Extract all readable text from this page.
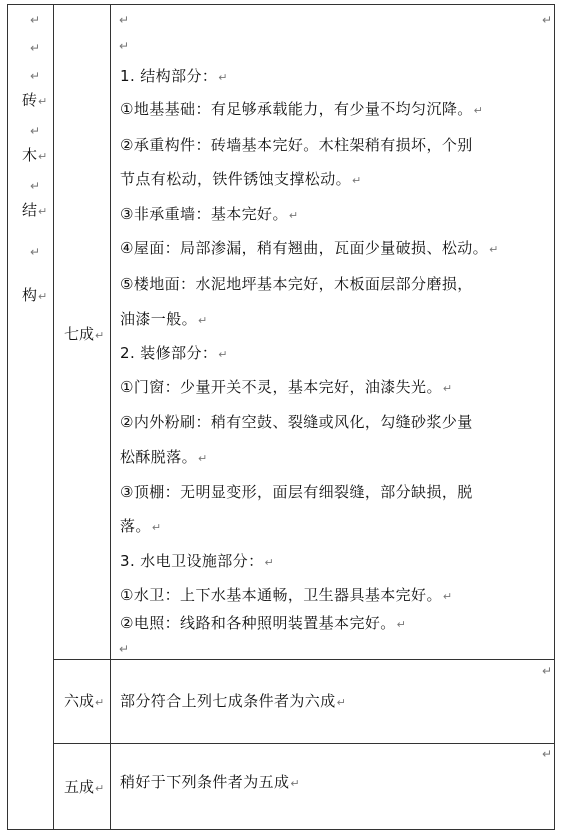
↵
↵
↵
↵
↵
↵
↵
↵
↵
↵
↵
↵
砖 ↵
木 ↵
结 ↵
构 ↵
七成 ↵
1. 结构部分： ↵
①地基基础：有足够承载能力，有少量不均匀沉降。 ↵
②承重构件：砖墙基本完好。木柱架稍有损坏，个别
节点有松动，铁件锈蚀支撑松动。 ↵
③非承重墙：基本完好。 ↵
④屋面：局部渗漏，稍有翘曲，瓦面少量破损、松动。 ↵
⑤楼地面：水泥地坪基本完好，木板面层部分磨损，
油漆一般。 ↵
2. 装修部分： ↵
①门窗：少量开关不灵，基本完好，油漆失光。 ↵
②内外粉刷：稍有空鼓、裂缝或风化，勾缝砂浆少量
松酥脱落。 ↵
③顶棚：无明显变形，面层有细裂缝，部分缺损，脱
落。 ↵
3. 水电卫设施部分： ↵
①水卫：上下水基本通畅，卫生器具基本完好。 ↵
②电照：线路和各种照明装置基本完好。 ↵
六成 ↵	部分符合上列七成条件者为六成 ↵
五成 ↵	稍好于下列条件者为五成 ↵
